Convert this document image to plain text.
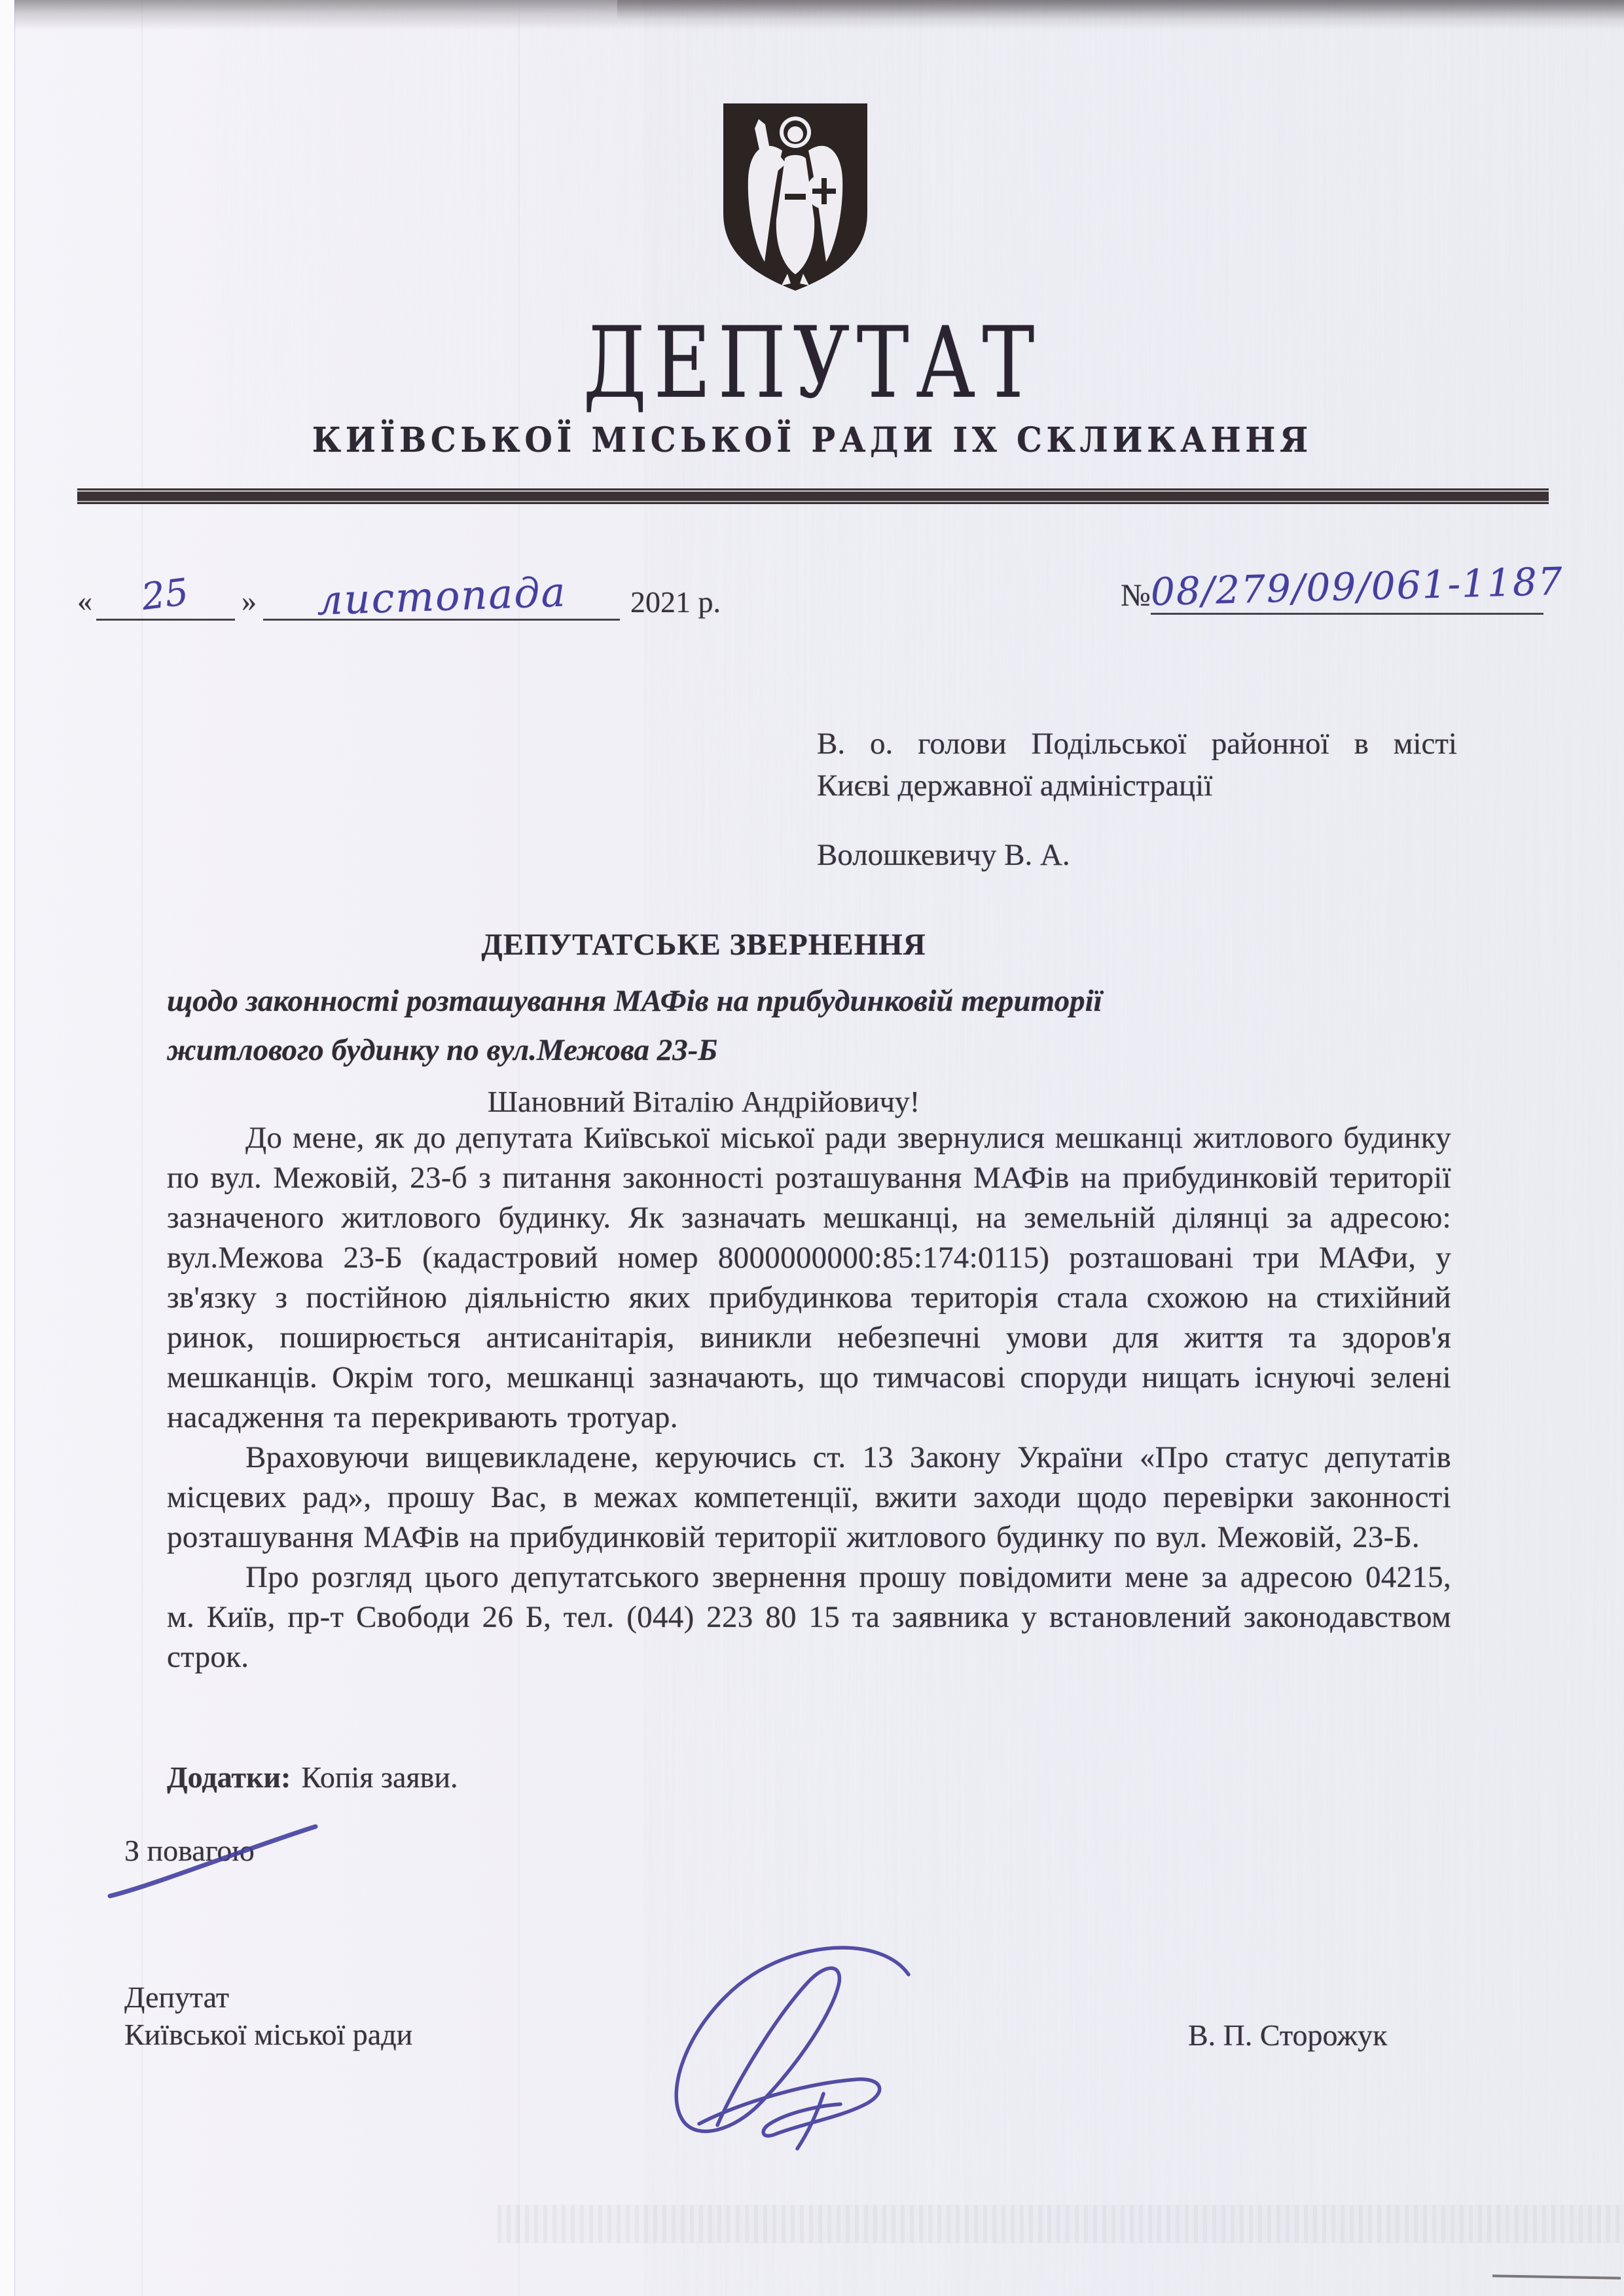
ДЕПУТАТ
КИЇВСЬКОЇ МІСЬКОЇ РАДИ IX СКЛИКАННЯ
«	25	»	листопада	2021 р.	№ 08/279/09/061-1187
В. о. голови Подільської районної в місті
Києві державної адміністрації
Волошкевичу В. А.
ДЕПУТАТСЬКЕ ЗВЕРНЕННЯ
щодо законності розташування МАФів на прибудинковій території
житлового будинку по вул.Межова 23-Б
Шановний Віталію Андрійовичу!

До мене, як до депутата Київської міської ради звернулися мешканці житлового будинку по вул. Межовій, 23-б з питання законності розташування МАФів на прибудинковій території зазначеного житлового будинку. Як зазначать мешканці, на земельній ділянці за адресою: вул.Межова 23-Б (кадастровий номер 8000000000:85:174:0115) розташовані три МАФи, у зв'язку з постійною діяльністю яких прибудинкова територія стала схожою на стихійний ринок, поширюється антисанітарія, виникли небезпечні умови для життя та здоров'я мешканців. Окрім того, мешканці зазначають, що тимчасові споруди нищать існуючі зелені насадження та перекривають тротуар.

Враховуючи вищевикладене, керуючись ст. 13 Закону України «Про статус депутатів місцевих рад», прошу Вас, в межах компетенції, вжити заходи щодо перевірки законності розташування МАФів на прибудинковій території житлового будинку по вул. Межовій, 23-Б.

Про розгляд цього депутатського звернення прошу повідомити мене за адресою 04215, м. Київ, пр-т Свободи 26 Б, тел. (044) 223 80 15 та заявника у встановлений законодавством строк.

Додатки: Копія заяви.
З повагою
Депутат
Київської міської ради	В. П. Сторожук
